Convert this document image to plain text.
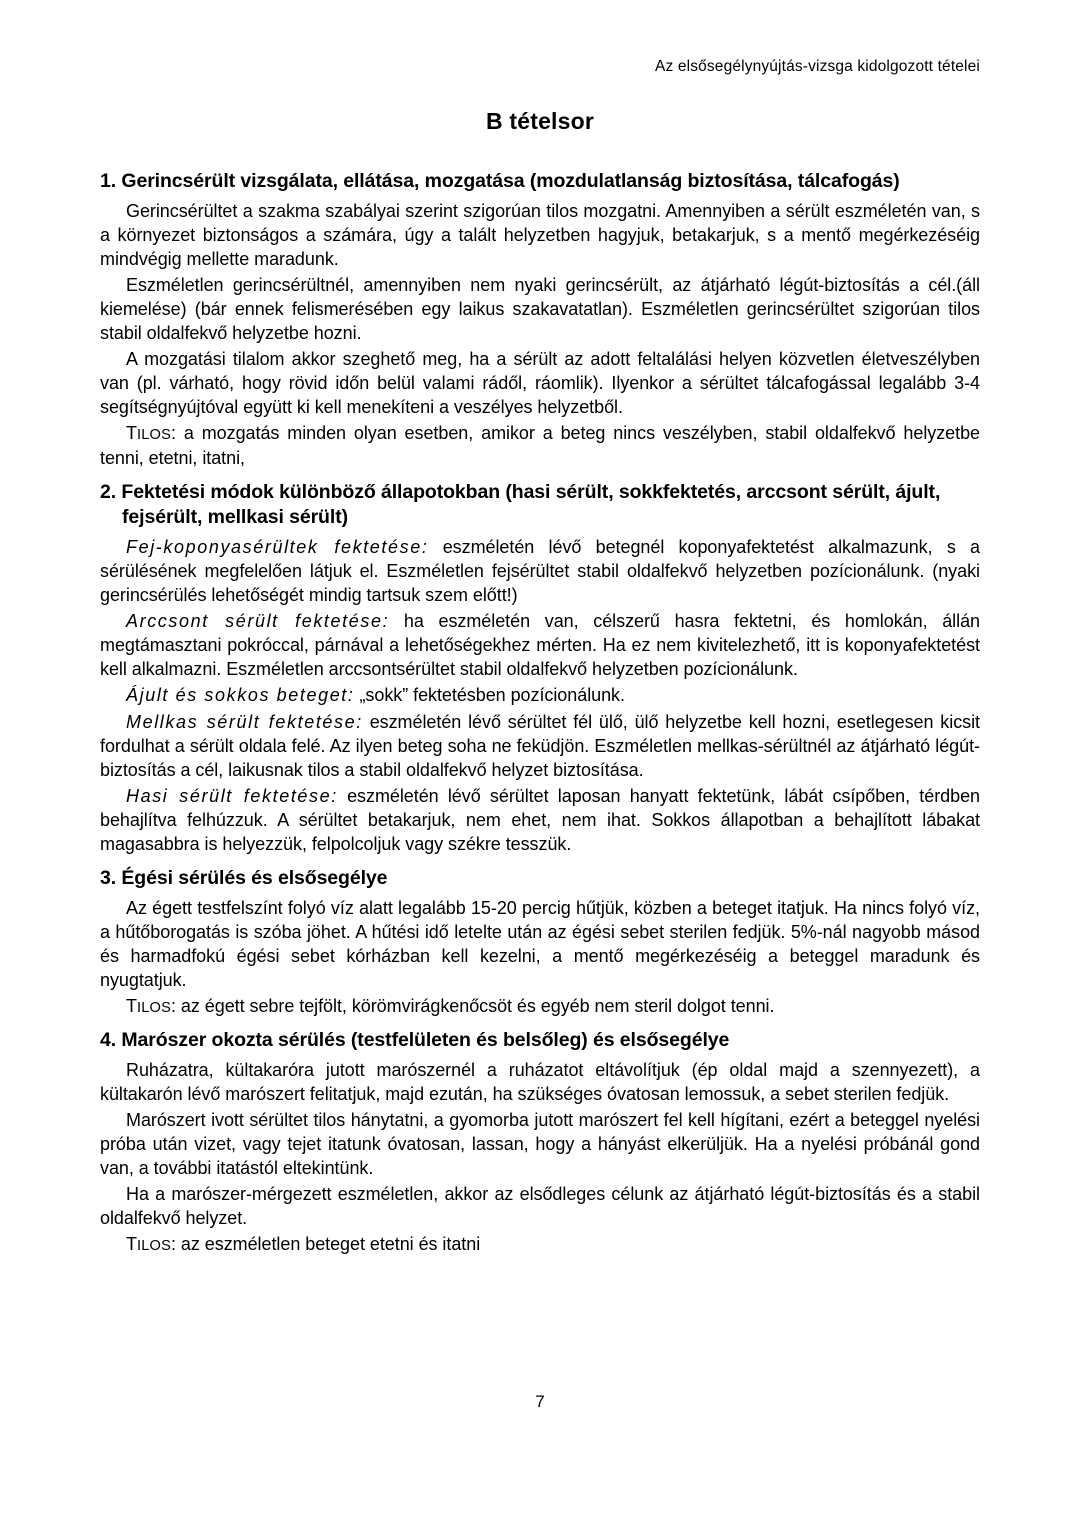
Az elsősegélynyújtás-vizsga kidolgozott tételei
B tételsor
1. Gerincsérült vizsgálata, ellátása, mozgatása (mozdulatlanság biztosítása, tálcafogás)

Gerincsérültet a szakma szabályai szerint szigorúan tilos mozgatni. Amennyiben a sérült eszméletén van, s a környezet biztonságos a számára, úgy a talált helyzetben hagyjuk, betakarjuk, s a mentő megérkezéséig mindvégig mellette maradunk.

Eszméletlen gerincsérültnél, amennyiben nem nyaki gerincsérült, az átjárható légút-biztosítás a cél.(áll kiemelése) (bár ennek felismerésében egy laikus szakavatatlan). Eszméletlen gerincsérültet szigorúan tilos stabil oldalfekvő helyzetbe hozni.

A mozgatási tilalom akkor szeghető meg, ha a sérült az adott feltalálási helyen közvetlen életveszélyben van (pl. várható, hogy rövid időn belül valami rádől, ráomlik). Ilyenkor a sérültet tálcafogással legalább 3-4 segítségnyújtóval együtt ki kell menekíteni a veszélyes helyzetből.

TILOS: a mozgatás minden olyan esetben, amikor a beteg nincs veszélyben, stabil oldalfekvő helyzetbe tenni, etetni, itatni,

2. Fektetési módok különböző állapotokban (hasi sérült, sokkfektetés, arccsont sérült, ájult, fejsérült, mellkasi sérült)

Fej-koponyasérültek fektetése: eszméletén lévő betegnél koponyafektetést alkalmazunk, s a sérülésének megfelelően látjuk el. Eszméletlen fejsérültet stabil oldalfekvő helyzetben pozícionálunk. (nyaki gerincsérülés lehetőségét mindig tartsuk szem előtt!)

Arccsont sérült fektetése: ha eszméletén van, célszerű hasra fektetni, és homlokán, állán megtámasztani pokróccal, párnával a lehetőségekhez mérten. Ha ez nem kivitelezhető, itt is koponyafektetést kell alkalmazni. Eszméletlen arccsontsérültet stabil oldalfekvő helyzetben pozícionálunk.

Ájult és sokkos beteget: „sokk” fektetésben pozícionálunk.

Mellkas sérült fektetése: eszméletén lévő sérültet fél ülő, ülő helyzetbe kell hozni, esetlegesen kicsit fordulhat a sérült oldala felé. Az ilyen beteg soha ne feküdjön. Eszméletlen mellkas-sérültnél az átjárható légút-biztosítás a cél, laikusnak tilos a stabil oldalfekvő helyzet biztosítása.

Hasi sérült fektetése: eszméletén lévő sérültet laposan hanyatt fektetünk, lábát csípőben, térdben behajlítva felhúzzuk. A sérültet betakarjuk, nem ehet, nem ihat. Sokkos állapotban a behajlított lábakat magasabbra is helyezzük, felpolcoljuk vagy székre tesszük.

3. Égési sérülés és elsősegélye

Az égett testfelszínt folyó víz alatt legalább 15-20 percig hűtjük, közben a beteget itatjuk. Ha nincs folyó víz, a hűtőborogatás is szóba jöhet. A hűtési idő letelte után az égési sebet sterilen fedjük. 5%-nál nagyobb másod és harmadfokú égési sebet kórházban kell kezelni, a mentő megérkezéséig a beteggel maradunk és nyugtatjuk.

TILOS: az égett sebre tejfölt, körömvirágkenőcsöt és egyéb nem steril dolgot tenni.

4. Marószer okozta sérülés (testfelületen és belsőleg) és elsősegélye

Ruházatra, kültakaróra jutott marószernél a ruházatot eltávolítjuk (ép oldal majd a szennyezett), a kültakarón lévő marószert felitatjuk, majd ezután, ha szükséges óvatosan lemossuk, a sebet sterilen fedjük.

Marószert ivott sérültet tilos hánytatni, a gyomorba jutott marószert fel kell hígítani, ezért a beteggel nyelési próba után vizet, vagy tejet itatunk óvatosan, lassan, hogy a hányást elkerüljük. Ha a nyelési próbánál gond van, a további itatástól eltekintünk.

Ha a marószer-mérgezett eszméletlen, akkor az elsődleges célunk az átjárható légút-biztosítás és a stabil oldalfekvő helyzet.

TILOS: az eszméletlen beteget etetni és itatni

7
